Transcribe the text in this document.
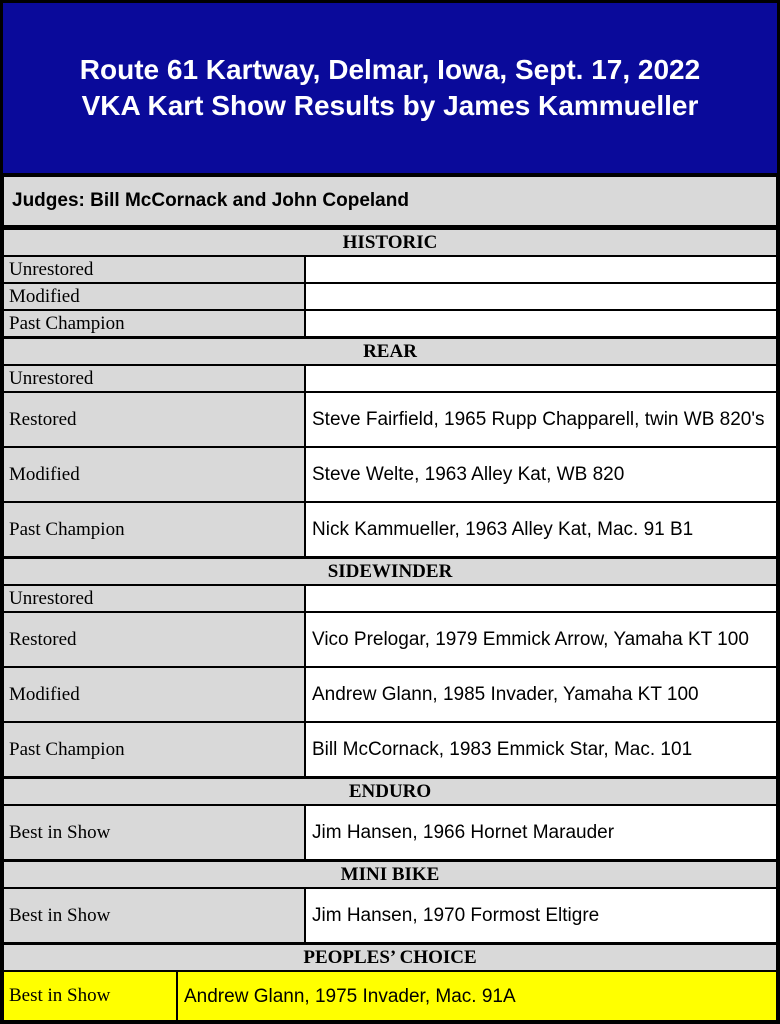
Route 61 Kartway, Delmar, Iowa, Sept. 17, 2022
VKA Kart Show Results by James Kammueller
Judges: Bill McCornack and John Copeland
HISTORIC
Unrestored
Modified
Past Champion
REAR
Unrestored
Restored	Steve Fairfield, 1965 Rupp Chapparell, twin WB 820's
Modified	Steve Welte, 1963 Alley Kat, WB 820
Past Champion	Nick Kammueller, 1963 Alley Kat, Mac. 91 B1
SIDEWINDER
Unrestored
Restored	Vico Prelogar, 1979 Emmick Arrow, Yamaha KT 100
Modified	Andrew Glann, 1985 Invader, Yamaha KT 100
Past Champion	Bill McCornack, 1983 Emmick Star, Mac. 101
ENDURO
Best in Show	Jim Hansen, 1966 Hornet Marauder
MINI BIKE
Best in Show	Jim Hansen, 1970 Formost Eltigre
PEOPLES’ CHOICE
Best in Show	Andrew Glann, 1975 Invader, Mac. 91A
